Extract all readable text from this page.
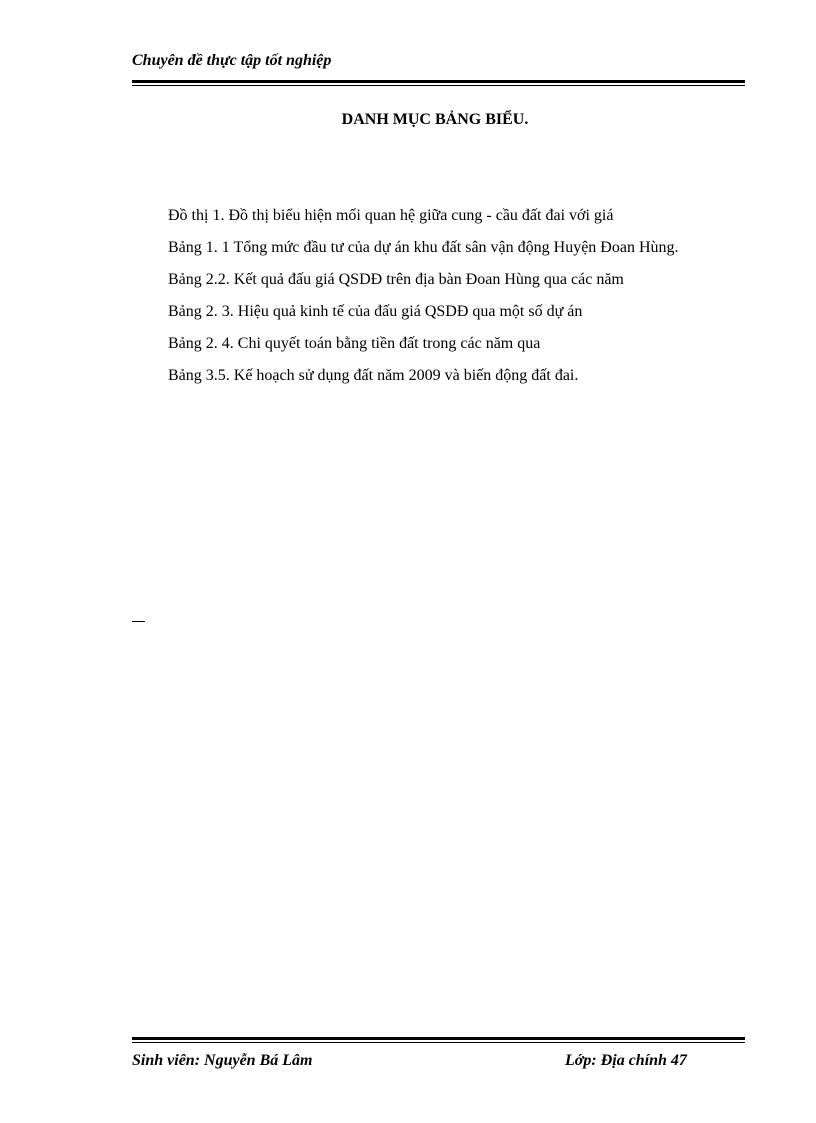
Chuyên đề thực tập tốt nghiệp
DANH MỤC BẢNG BIỂU.
Đồ thị 1. Đồ thị biểu hiện mối quan hệ giữa cung - cầu đất đai với giá
Bảng 1. 1 Tổng mức đầu tư của dự án khu đất sân vận động Huyện Đoan Hùng.
Bảng 2.2. Kết quả đấu giá QSDĐ trên địa bàn Đoan Hùng qua các năm
Bảng 2. 3. Hiệu quả kinh tế của đấu giá QSDĐ qua một số dự án
Bảng 2. 4. Chi quyết toán bằng tiền đất trong các năm qua
Bảng 3.5. Kế hoạch sử dụng đất năm 2009 và biến động đất đai.
Sinh viên: Nguyễn Bá Lâm	Lớp: Địa chính 47
